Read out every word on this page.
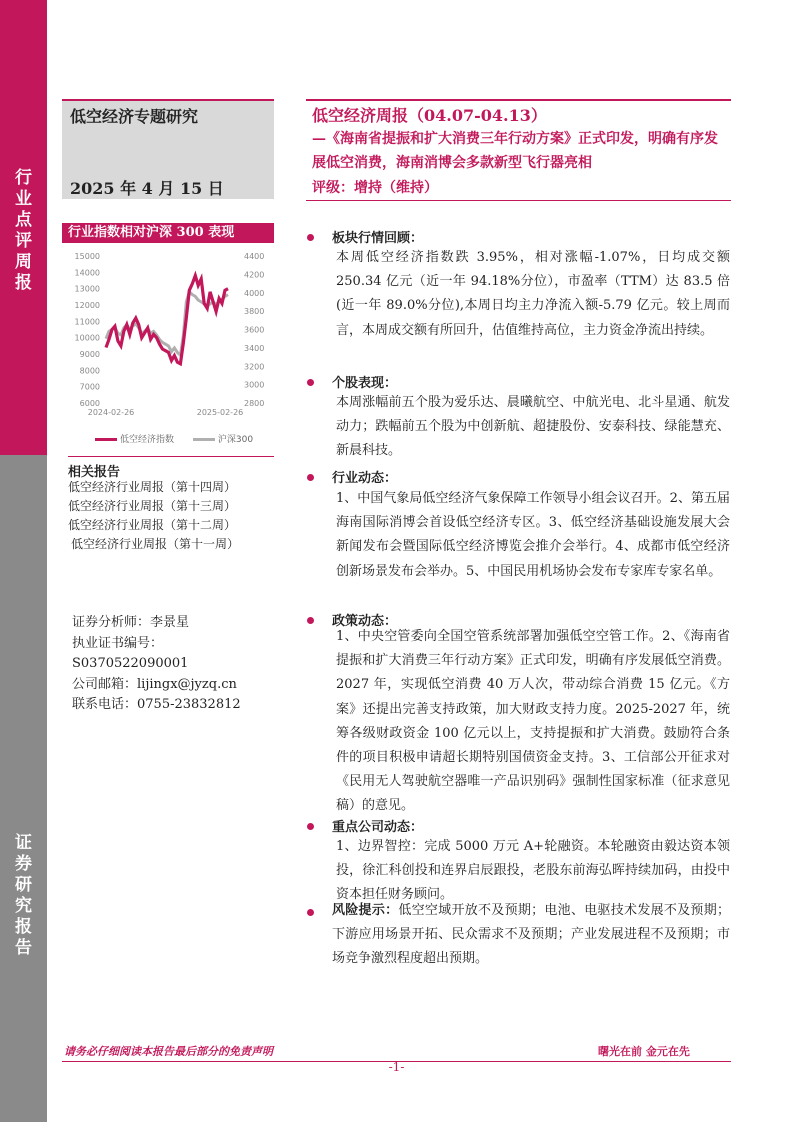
行
业
点
评
周
报
证
券
研
究
报
告
低空经济专题研究
2025 年 4 月 15 日
低空经济周报（04.07-04.13）
—《海南省提振和扩大消费三年行动方案》正式印发，明确有序发展低空消费，海南消博会多款新型飞行器亮相
评级：增持（维持）
行业指数相对沪深 300 表现
6000
7000
8000
9000
10000
11000
12000
13000
14000
15000
2800
3000
3200
3400
3600
3800
4000
4200
4400
2024-02-26	2025-02-26
低空经济指数	沪深300
相关报告
低空经济行业周报（第十四周）
低空经济行业周报（第十三周）
低空经济行业周报（第十二周）
低空经济行业周报（第十一周）
证券分析师：李景星
执业证书编号：
S0370522090001
公司邮箱：lijingx@jyzq.cn
联系电话：0755-23832812
板块行情回顾：
本周低空经济指数跌 3.95%，相对涨幅-1.07%，日均成交额 250.34 亿元（近一年 94.18%分位），市盈率（TTM）达 83.5 倍(近一年 89.0%分位),本周日均主力净流入额-5.79 亿元。较上周而言，本周成交额有所回升，估值维持高位，主力资金净流出持续。
个股表现：
本周涨幅前五个股为爱乐达、晨曦航空、中航光电、北斗星通、航发动力；跌幅前五个股为中创新航、超捷股份、安泰科技、绿能慧充、新晨科技。
行业动态：
1、中国气象局低空经济气象保障工作领导小组会议召开。2、第五届海南国际消博会首设低空经济专区。3、低空经济基础设施发展大会新闻发布会暨国际低空经济博览会推介会举行。4、成都市低空经济创新场景发布会举办。5、中国民用机场协会发布专家库专家名单。
政策动态：
1、中央空管委向全国空管系统部署加强低空空管工作。2、《海南省提振和扩大消费三年行动方案》正式印发，明确有序发展低空消费。2027 年，实现低空消费 40 万人次，带动综合消费 15 亿元。《方案》还提出完善支持政策，加大财政支持力度。2025-2027 年，统筹各级财政资金 100 亿元以上，支持提振和扩大消费。鼓励符合条件的项目积极申请超长期特别国债资金支持。3、工信部公开征求对《民用无人驾驶航空器唯一产品识别码》强制性国家标准（征求意见稿）的意见。
重点公司动态：
1、边界智控：完成 5000 万元 A+轮融资。本轮融资由毅达资本领投，徐汇科创投和连界启辰跟投，老股东前海弘晖持续加码，由投中资本担任财务顾问。
风险提示：低空空域开放不及预期；电池、电驱技术发展不及预期；下游应用场景开拓、民众需求不及预期；产业发展进程不及预期；市场竞争激烈程度超出预期。
请务必仔细阅读本报告最后部分的免责声明	曙光在前 金元在先
-1-
